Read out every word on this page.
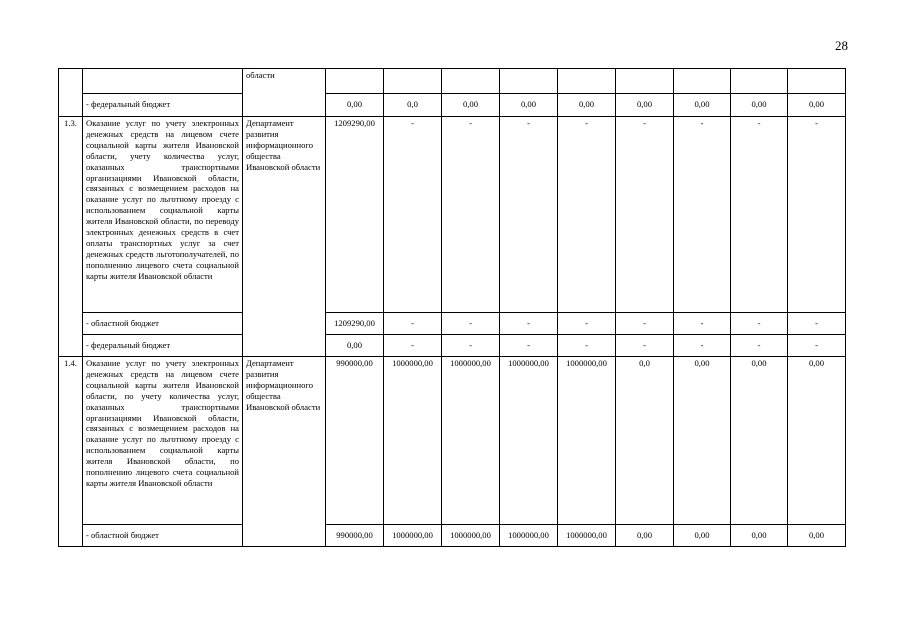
28
		области									
	- федеральный бюджет		0,00	0,0	0,00	0,00	0,00	0,00	0,00	0,00	0,00
1.3.	Оказание услуг по учету электронных денежных средств на лицевом счете социальной карты жителя Ивановской области, учету количества услуг, оказанных транспортными организациями Ивановской области, связанных с возмещением расходов на оказание услуг по льготному проезду с использованием социальной карты жителя Ивановской области, по переводу электронных денежных средств в счет оплаты транспортных услуг за счет денежных средств льготополучателей, по пополнению лицевого счета социальной карты жителя Ивановской области	Департамент развития информационного общества Ивановской области	1209290,00	-	-	-	-	-	-	-	-
	- областной бюджет		1209290,00	-	-	-	-	-	-	-	-
	- федеральный бюджет		0,00	-	-	-	-	-	-	-	-
1.4.	Оказание услуг по учету электронных денежных средств на лицевом счете социальной карты жителя Ивановской области, по учету количества услуг, оказанных транспортными организациями Ивановской области, связанных с возмещением расходов на оказание услуг по льготному проезду с использованием социальной карты жителя Ивановской области, по пополнению лицевого счета социальной карты жителя Ивановской области	Департамент развития информационного общества Ивановской области	990000,00	1000000,00	1000000,00	1000000,00	1000000,00	0,0	0,00	0,00	0,00
	- областной бюджет		990000,00	1000000,00	1000000,00	1000000,00	1000000,00	0,00	0,00	0,00	0,00
